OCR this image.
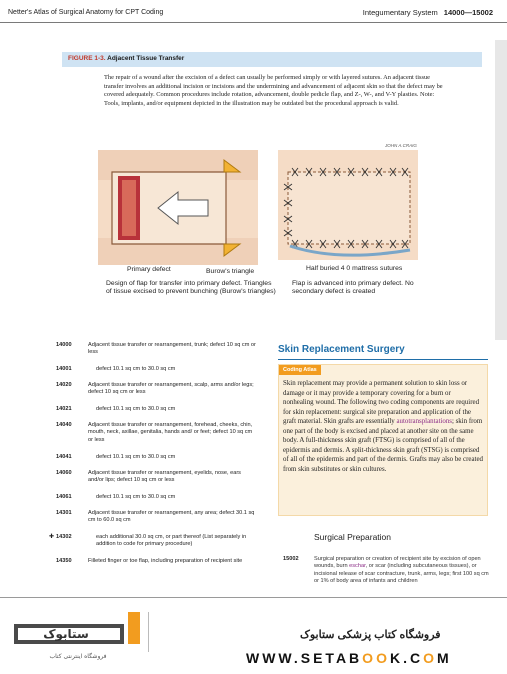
Netter's Atlas of Surgical Anatomy for CPT Coding	Integumentary System 14000—15002
FIGURE 1-3. Adjacent Tissue Transfer
The repair of a wound after the excision of a defect can usually be performed simply or with layered sutures. An adjacent tissue transfer involves an additional incision or incisions and the undermining and advancement of adjacent skin so that the defect may be covered adequately. Common procedures include rotation, advancement, double pedicle flap, and Z-, W-, and V-Y plasties. Note: Tools, implants, and/or equipment depicted in the illustration may be outdated but the procedural approach is valid.
JOHN A.CRAIG
Primary defect	Burow's triangle	Half buried 4 0 mattress sutures
Design of flap for transfer into primary defect. Triangles of tissue excised to prevent bunching (Burow's triangles)
Flap is advanced into primary defect. No secondary defect is created
14000	Adjacent tissue transfer or rearrangement, trunk; defect 10 sq cm or less
14001	defect 10.1 sq cm to 30.0 sq cm
14020	Adjacent tissue transfer or rearrangement, scalp, arms and/or legs; defect 10 sq cm or less
14021	defect 10.1 sq cm to 30.0 sq cm
14040	Adjacent tissue transfer or rearrangement, forehead, cheeks, chin, mouth, neck, axillae, genitalia, hands and/ or feet; defect 10 sq cm or less
14041	defect 10.1 sq cm to 30.0 sq cm
14060	Adjacent tissue transfer or rearrangement, eyelids, nose, ears and/or lips; defect 10 sq cm or less
14061	defect 10.1 sq cm to 30.0 sq cm
14301	Adjacent tissue transfer or rearrangement, any area; defect 30.1 sq cm to 60.0 sq cm
✚ 14302	each additional 30.0 sq cm, or part thereof (List separately in addition to code for primary procedure)
14350	Filleted finger or toe flap, including preparation of recipient site
Skin Replacement Surgery
Coding Atlas
Skin replacement may provide a permanent solution to skin loss or damage or it may provide a temporary covering for a burn or nonhealing wound. The following two coding components are required for skin replacement: surgical site preparation and application of the graft material. Skin grafts are essentially autotransplantations; skin from one part of the body is excised and placed at another site on the same body. A full-thickness skin graft (FTSG) is comprised of all of the epidermis and dermis. A split-thickness skin graft (STSG) is comprised of all of the epidermis and part of the dermis. Grafts may also be created from skin substitutes or skin cultures.
Surgical Preparation
15002	Surgical preparation or creation of recipient site by excision of open wounds, burn eschar, or scar (including subcutaneous tissues), or incisional release of scar contracture, trunk, arms, legs; first 100 sq cm or 1% of body area of infants and children
ستابوک
فروشگاه اینترنتی کتاب
فروشگاه کتاب پزشکی ستابوک
WWW.SETABOOK.COM
